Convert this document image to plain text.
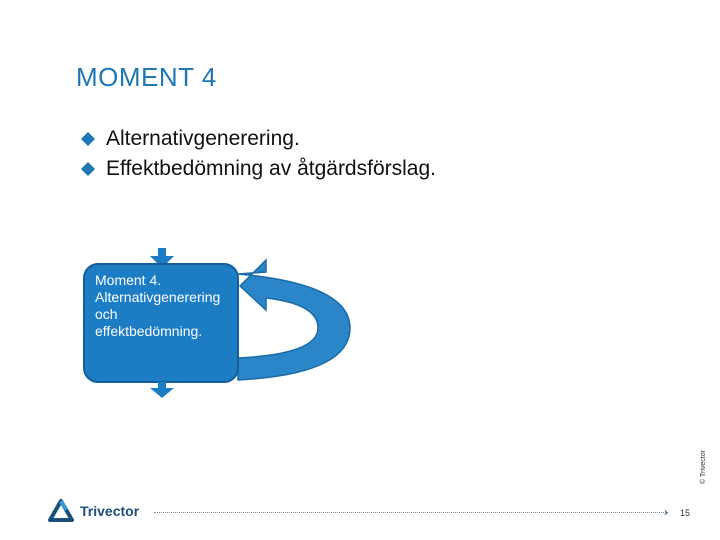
MOMENT 4
Alternativgenerering.
Effektbedömning av åtgärdsförslag.
Moment 4.
Alternativgenerering
och
effektbedömning.
© Trivector
Trivector	› 15
